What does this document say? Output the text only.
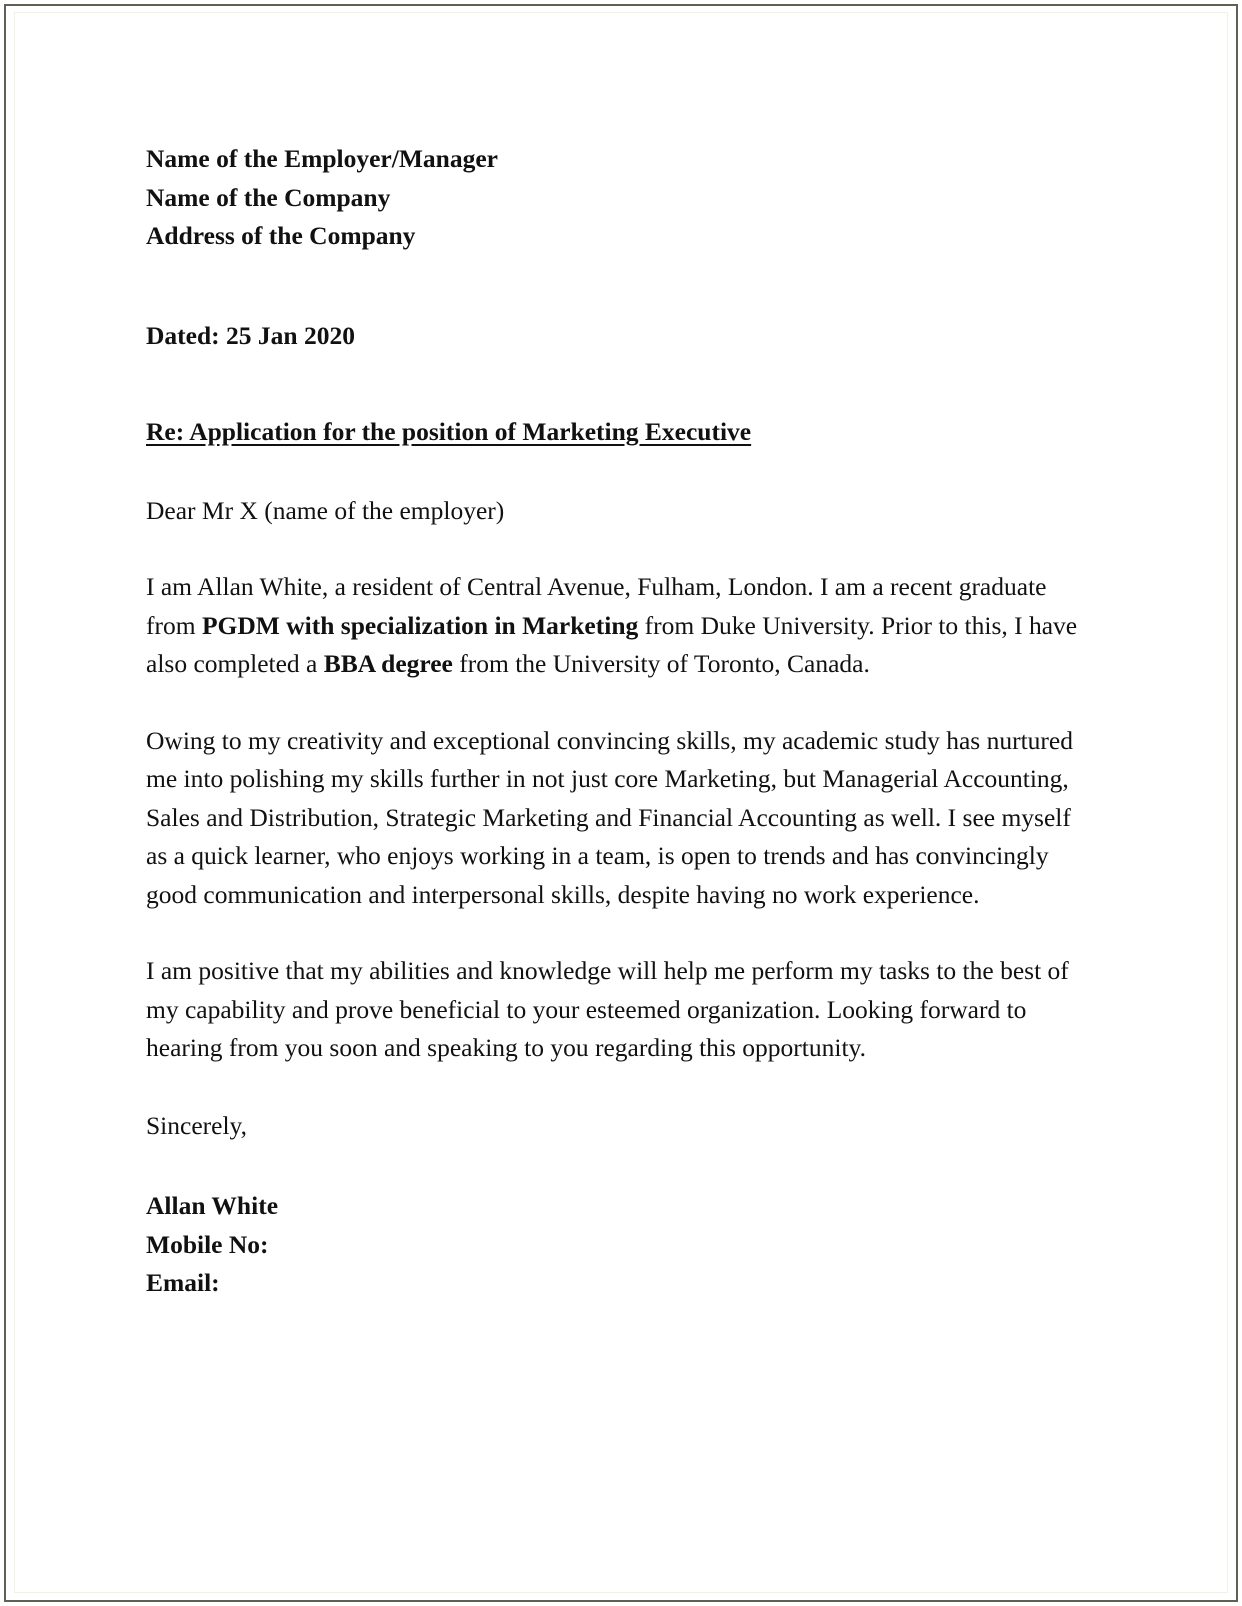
Name of the Employer/Manager
Name of the Company
Address of the Company

Dated: 25 Jan 2020

Re: Application for the position of Marketing Executive

Dear Mr X (name of the employer)

I am Allan White, a resident of Central Avenue, Fulham, London. I am a recent graduate from PGDM with specialization in Marketing from Duke University. Prior to this, I have also completed a BBA degree from the University of Toronto, Canada.

Owing to my creativity and exceptional convincing skills, my academic study has nurtured me into polishing my skills further in not just core Marketing, but Managerial Accounting, Sales and Distribution, Strategic Marketing and Financial Accounting as well. I see myself as a quick learner, who enjoys working in a team, is open to trends and has convincingly good communication and interpersonal skills, despite having no work experience.

I am positive that my abilities and knowledge will help me perform my tasks to the best of my capability and prove beneficial to your esteemed organization. Looking forward to hearing from you soon and speaking to you regarding this opportunity.

Sincerely,

Allan White
Mobile No:
Email:
